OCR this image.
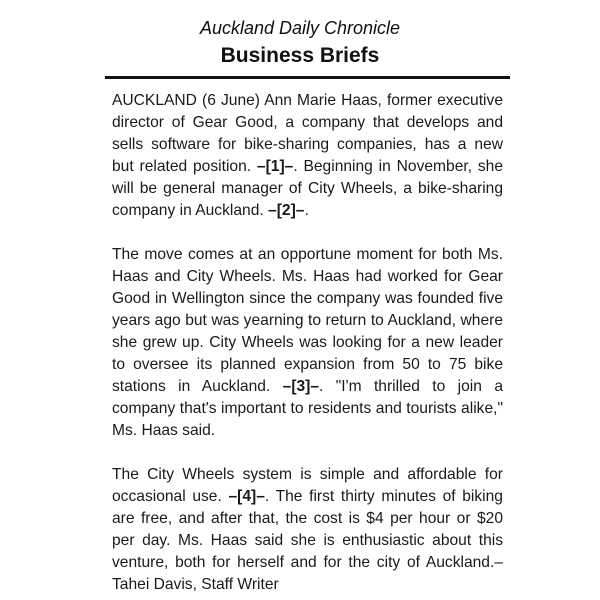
Auckland Daily Chronicle
Business Briefs

AUCKLAND (6 June) Ann Marie Haas, former executive director of Gear Good, a company that develops and sells software for bike-sharing companies, has a new but related position. –[1]–. Beginning in November, she will be general manager of City Wheels, a bike-sharing company in Auckland. –[2]–.

The move comes at an opportune moment for both Ms. Haas and City Wheels. Ms. Haas had worked for Gear Good in Wellington since the company was founded five years ago but was yearning to return to Auckland, where she grew up. City Wheels was looking for a new leader to oversee its planned expansion from 50 to 75 bike stations in Auckland. –[3]–. "I'm thrilled to join a company that's important to residents and tourists alike," Ms. Haas said.

The City Wheels system is simple and affordable for occasional use. –[4]–. The first thirty minutes of biking are free, and after that, the cost is $4 per hour or $20 per day. Ms. Haas said she is enthusiastic about this venture, both for herself and for the city of Auckland.– Tahei Davis, Staff Writer
